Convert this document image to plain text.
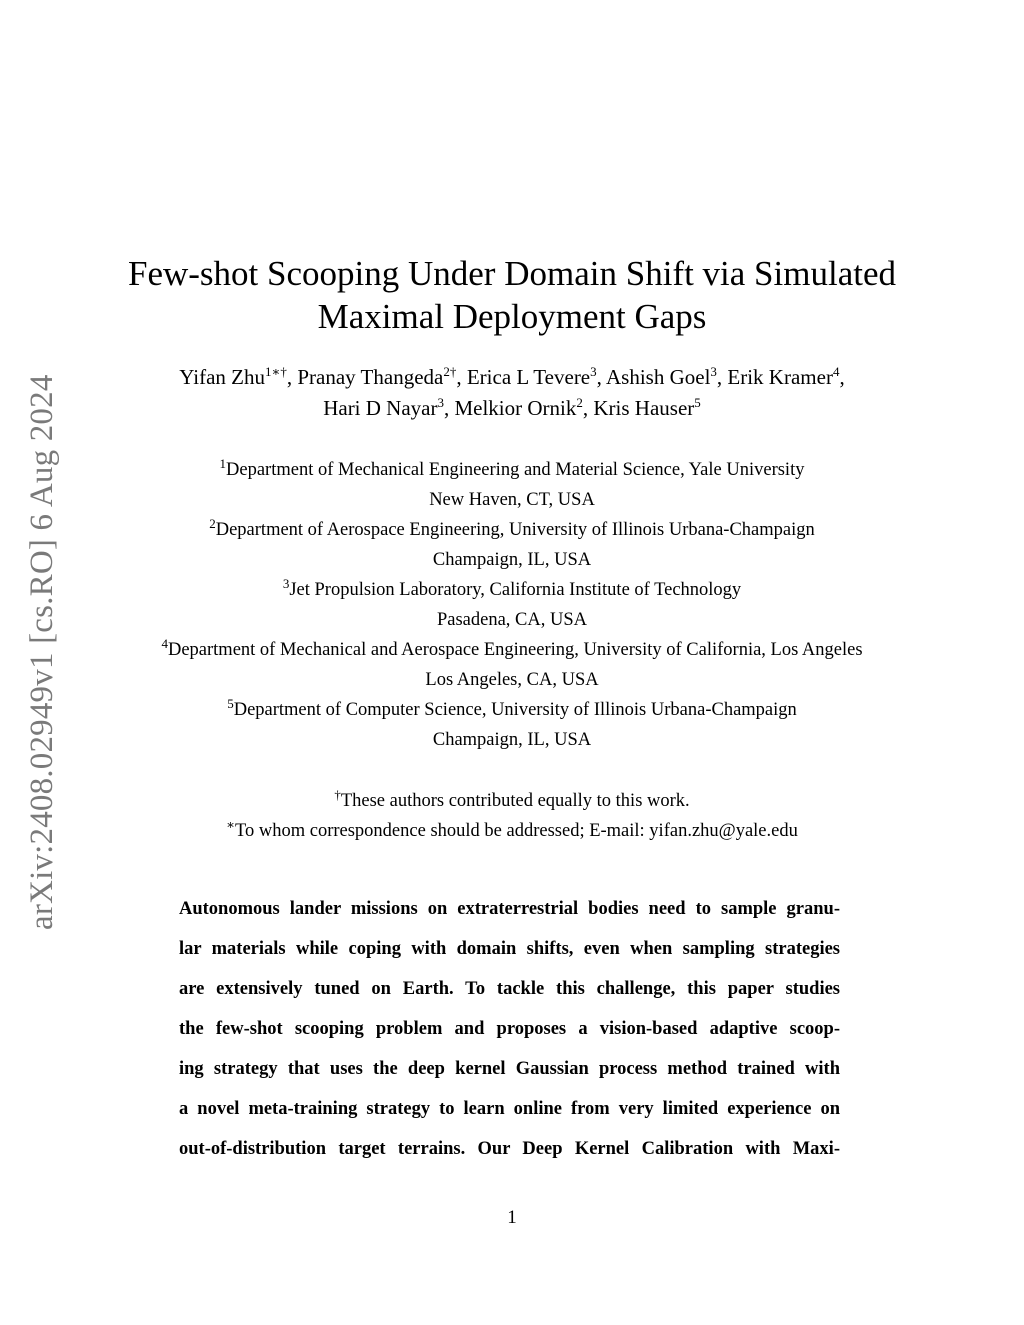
arXiv:2408.02949v1 [cs.RO] 6 Aug 2024
Few-shot Scooping Under Domain Shift via Simulated
Maximal Deployment Gaps
Yifan Zhu$^{1∗\dagger}$, Pranay Thangeda$^{2\dagger}$, Erica L Tevere$^3$, Ashish Goel$^3$, Erik Kramer$^4$,
Hari D Nayar$^3$, Melkior Ornik$^2$, Kris Hauser$^5$
$^1$Department of Mechanical Engineering and Material Science, Yale University
New Haven, CT, USA
$^2$Department of Aerospace Engineering, University of Illinois Urbana-Champaign
Champaign, IL, USA
$^3$Jet Propulsion Laboratory, California Institute of Technology
Pasadena, CA, USA
$^4$Department of Mechanical and Aerospace Engineering, University of California, Los Angeles
Los Angeles, CA, USA
$^5$Department of Computer Science, University of Illinois Urbana-Champaign
Champaign, IL, USA
†These authors contributed equally to this work.
∗To whom correspondence should be addressed; E-mail: yifan.zhu@yale.edu
Autonomous lander missions on extraterrestrial bodies need to sample granu-
lar materials while coping with domain shifts, even when sampling strategies
are extensively tuned on Earth. To tackle this challenge, this paper studies
the few-shot scooping problem and proposes a vision-based adaptive scoop-
ing strategy that uses the deep kernel Gaussian process method trained with
a novel meta-training strategy to learn online from very limited experience on
out-of-distribution target terrains. Our Deep Kernel Calibration with Maxi-
1
